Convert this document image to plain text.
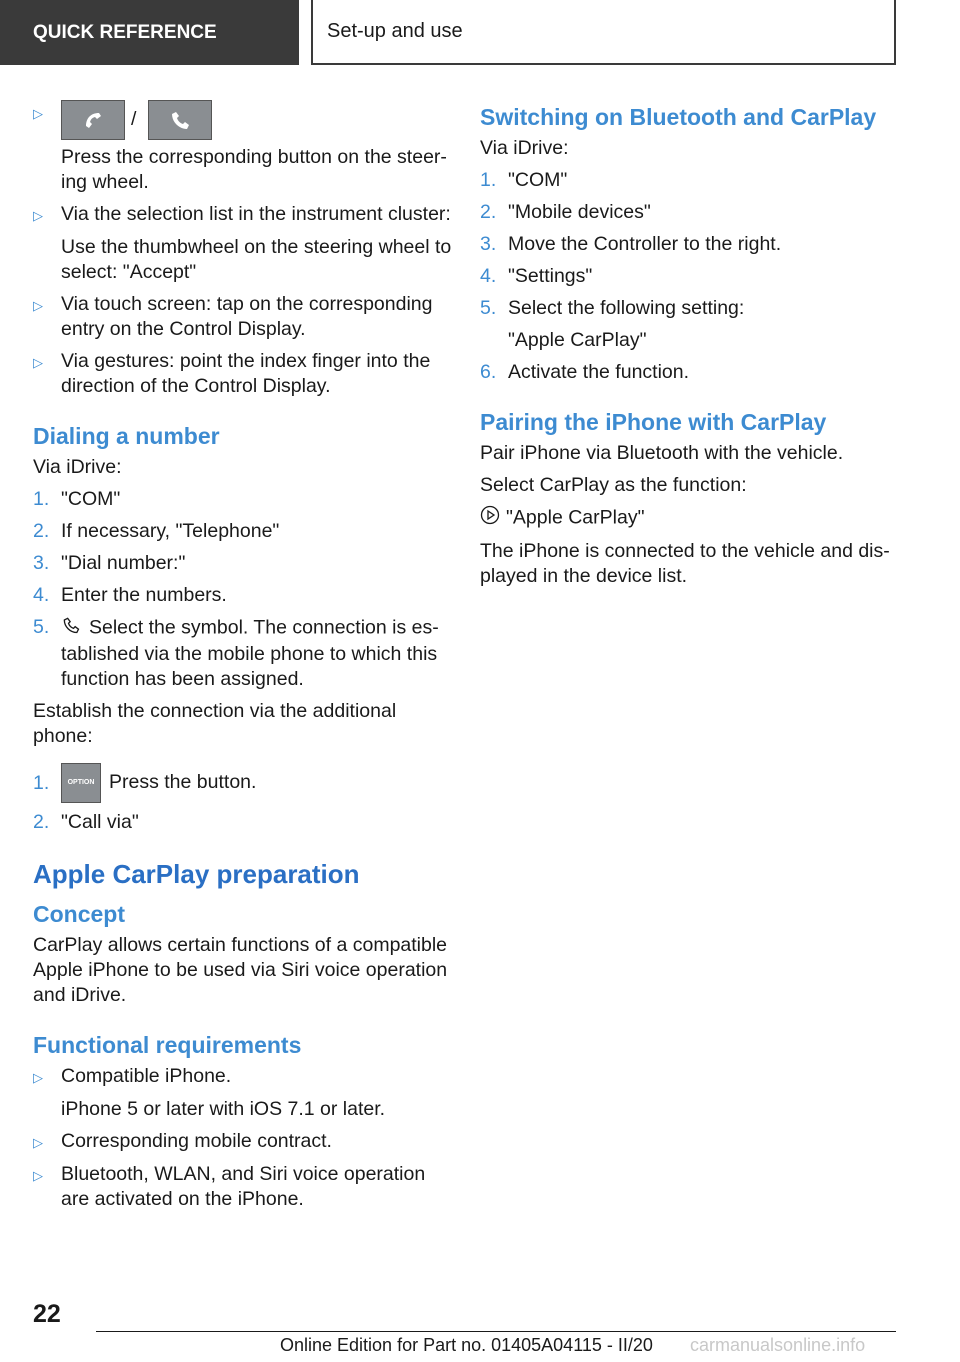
QUICK REFERENCE	Set-up and use
▷	/
Press the corresponding button on the steer-ing wheel.
▷ Via the selection list in the instrument cluster:
Use the thumbwheel on the steering wheel to select: "Accept"
▷ Via touch screen: tap on the corresponding entry on the Control Display.
▷ Via gestures: point the index finger into the direction of the Control Display.
Dialing a number
Via iDrive:
1. "COM"
2. If necessary, "Telephone"
3. "Dial number:"
4. Enter the numbers.
5.	Select the symbol. The connection is es-tablished via the mobile phone to which this function has been assigned.
Establish the connection via the additional phone:
1.	OPTION Press the button.
2. "Call via"
Apple CarPlay preparation
Concept
CarPlay allows certain functions of a compatible Apple iPhone to be used via Siri voice operation and iDrive.
Functional requirements
▷ Compatible iPhone.
iPhone 5 or later with iOS 7.1 or later.
▷ Corresponding mobile contract.
▷ Bluetooth, WLAN, and Siri voice operation are activated on the iPhone.
Switching on Bluetooth and CarPlay
Via iDrive:
1. "COM"
2. "Mobile devices"
3. Move the Controller to the right.
4. "Settings"
5. Select the following setting:
"Apple CarPlay"
6. Activate the function.
Pairing the iPhone with CarPlay
Pair iPhone via Bluetooth with the vehicle.
Select CarPlay as the function:
"Apple CarPlay"
The iPhone is connected to the vehicle and dis-played in the device list.
22
Online Edition for Part no. 01405A04115 - II/20 carmanualsonline.info
